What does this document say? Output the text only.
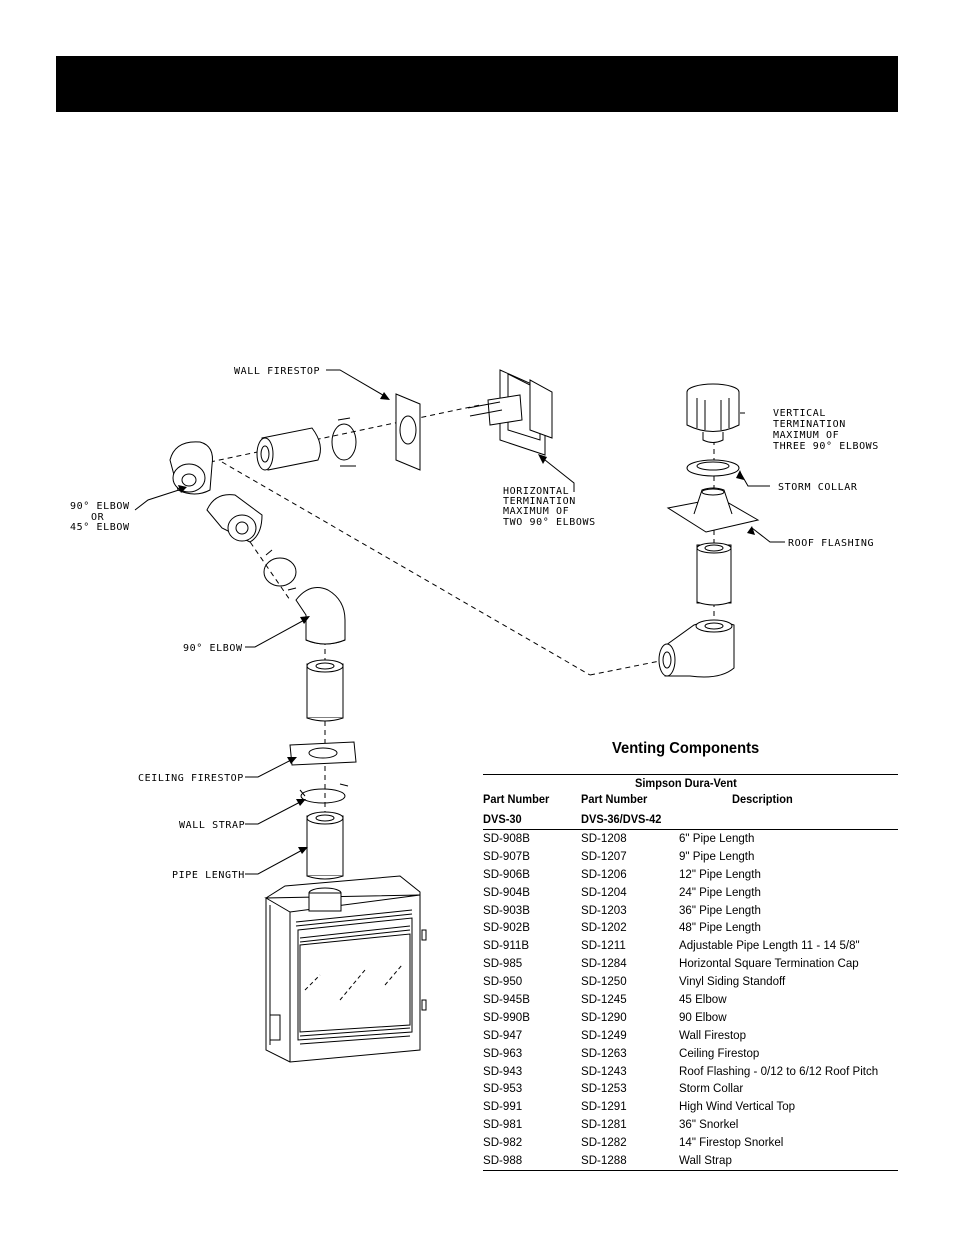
WALL FIRESTOP
HORIZONTAL
TERMINATION
MAXIMUM OF
TWO 90° ELBOWS
VERTICAL
TERMINATION
MAXIMUM OF
THREE 90° ELBOWS
STORM COLLAR
ROOF FLASHING
90° ELBOW
OR
45° ELBOW
90° ELBOW
CEILING FIRESTOP
WALL STRAP
PIPE LENGTH
Venting Components
Simpson Dura-Vent
Part Number	Part Number	Description
DVS-30	DVS-36/DVS-42
SD-908B	SD-1208	6" Pipe Length
SD-907B	SD-1207	9" Pipe Length
SD-906B	SD-1206	12" Pipe Length
SD-904B	SD-1204	24" Pipe Length
SD-903B	SD-1203	36" Pipe Length
SD-902B	SD-1202	48" Pipe Length
SD-911B	SD-1211	Adjustable Pipe Length 11 - 14 5/8"
SD-985	SD-1284	Horizontal Square Termination Cap
SD-950	SD-1250	Vinyl Siding Standoff
SD-945B	SD-1245	45 Elbow
SD-990B	SD-1290	90 Elbow
SD-947	SD-1249	Wall Firestop
SD-963	SD-1263	Ceiling Firestop
SD-943	SD-1243	Roof Flashing - 0/12 to 6/12 Roof Pitch
SD-953	SD-1253	Storm Collar
SD-991	SD-1291	High Wind Vertical Top
SD-981	SD-1281	36" Snorkel
SD-982	SD-1282	14" Firestop Snorkel
SD-988	SD-1288	Wall Strap
